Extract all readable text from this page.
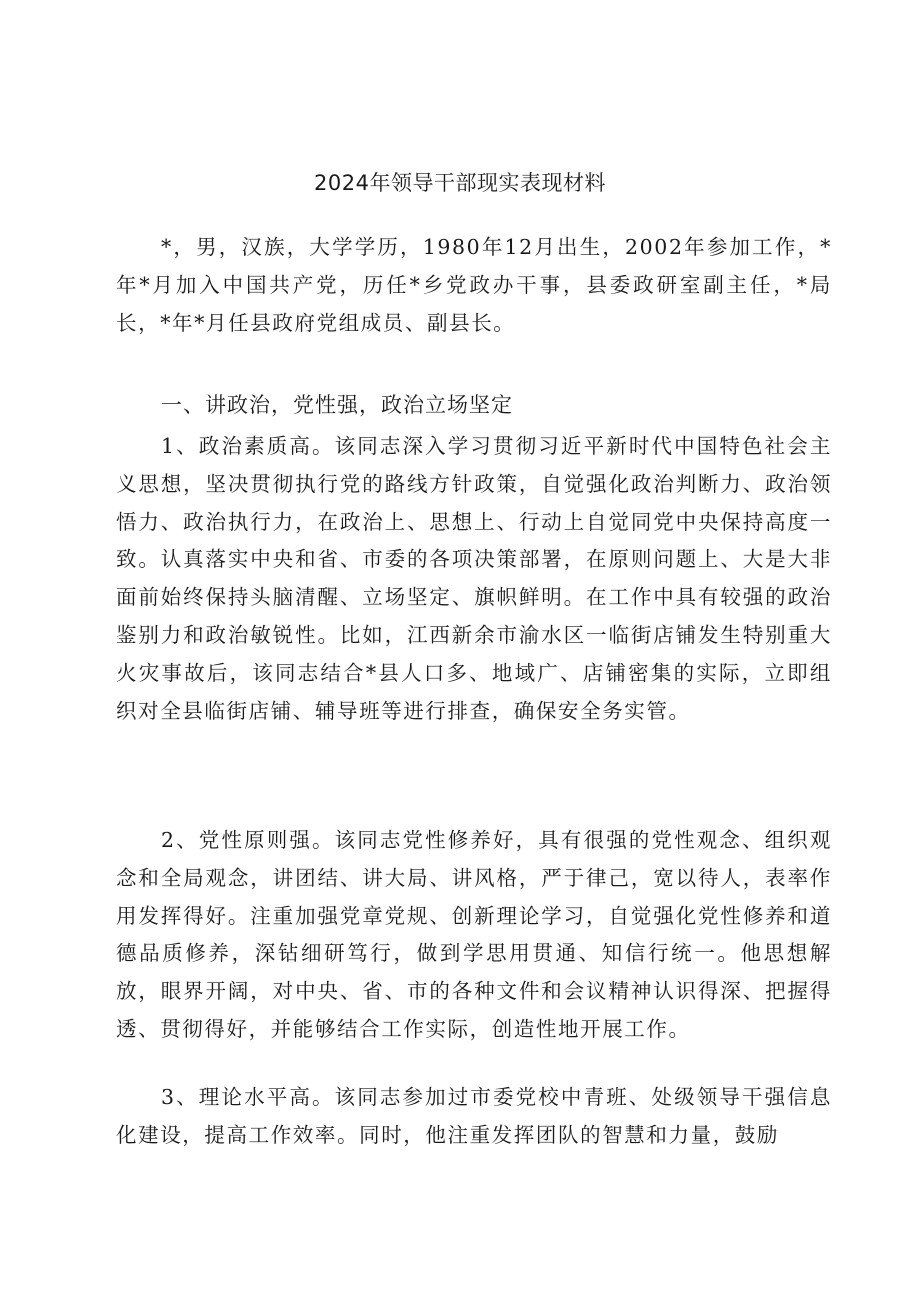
2024年领导干部现实表现材料

*，男，汉族，大学学历，1980年12月出生，2002年参加工作，*年*月加入中国共产党，历任*乡党政办干事，县委政研室副主任，*局长，*年*月任县政府党组成员、副县长。

一、讲政治，党性强，政治立场坚定

1、政治素质高。该同志深入学习贯彻习近平新时代中国特色社会主义思想，坚决贯彻执行党的路线方针政策，自觉强化政治判断力、政治领悟力、政治执行力，在政治上、思想上、行动上自觉同党中央保持高度一致。认真落实中央和省、市委的各项决策部署，在原则问题上、大是大非面前始终保持头脑清醒、立场坚定、旗帜鲜明。在工作中具有较强的政治鉴别力和政治敏锐性。比如，江西新余市渝水区一临街店铺发生特别重大火灾事故后，该同志结合*县人口多、地域广、店铺密集的实际，立即组织对全县临街店铺、辅导班等进行排查，确保安全务实管。

2、党性原则强。该同志党性修养好，具有很强的党性观念、组织观念和全局观念，讲团结、讲大局、讲风格，严于律己，宽以待人，表率作用发挥得好。注重加强党章党规、创新理论学习，自觉强化党性修养和道德品质修养，深钻细研笃行，做到学思用贯通、知信行统一。他思想解放，眼界开阔，对中央、省、市的各种文件和会议精神认识得深、把握得透、贯彻得好，并能够结合工作实际，创造性地开展工作。

3、理论水平高。该同志参加过市委党校中青班、处级领导干强信息化建设，提高工作效率。同时，他注重发挥团队的智慧和力量，鼓励
